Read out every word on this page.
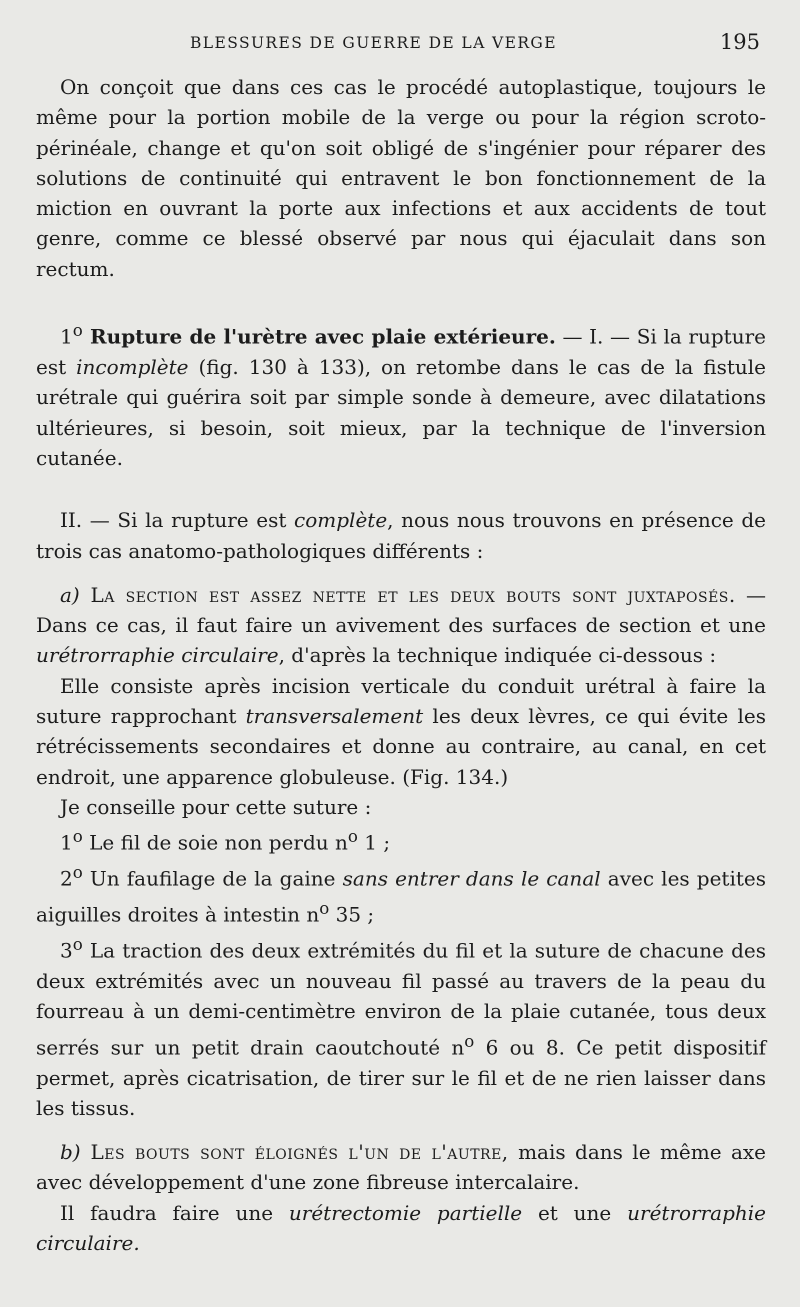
BLESSURES DE GUERRE DE LA VERGE	195

On conçoit que dans ces cas le procédé autoplastique, toujours le même pour la portion mobile de la verge ou pour la région scroto-périnéale, change et qu'on soit obligé de s'ingénier pour réparer des solutions de continuité qui entravent le bon fonctionnement de la miction en ouvrant la porte aux infections et aux accidents de tout genre, comme ce blessé observé par nous qui éjaculait dans son rectum.

1$^o$ Rupture de l'urètre avec plaie extérieure. — I. — Si la rupture est incomplète (fig. 130 à 133), on retombe dans le cas de la fistule urétrale qui guérira soit par simple sonde à demeure, avec dilatations ultérieures, si besoin, soit mieux, par la technique de l'inversion cutanée.

II. — Si la rupture est complète, nous nous trouvons en présence de trois cas anatomo-pathologiques différents :

a) La section est assez nette et les deux bouts sont juxtaposés. — Dans ce cas, il faut faire un avivement des surfaces de section et une urétrorraphie circulaire, d'après la technique indiquée ci-dessous :

Elle consiste après incision verticale du conduit urétral à faire la suture rapprochant transversalement les deux lèvres, ce qui évite les rétrécissements secondaires et donne au contraire, au canal, en cet endroit, une apparence globuleuse. (Fig. 134.)

Je conseille pour cette suture :

1$^o$ Le fil de soie non perdu $n^o$ 1 ;

2$^o$ Un faufilage de la gaine sans entrer dans le canal avec les petites aiguilles droites à intestin $n^o$ 35 ;

3$^o$ La traction des deux extrémités du fil et la suture de chacune des deux extrémités avec un nouveau fil passé au travers de la peau du fourreau à un demi-centimètre environ de la plaie cutanée, tous deux serrés sur un petit drain caoutchouté $n^o$ 6 ou 8. Ce petit dispositif permet, après cicatrisation, de tirer sur le fil et de ne rien laisser dans les tissus.

b) Les bouts sont éloignés l'un de l'autre, mais dans le même axe avec développement d'une zone fibreuse intercalaire.

Il faudra faire une urétrectomie partielle et une urétrorraphie circulaire.
